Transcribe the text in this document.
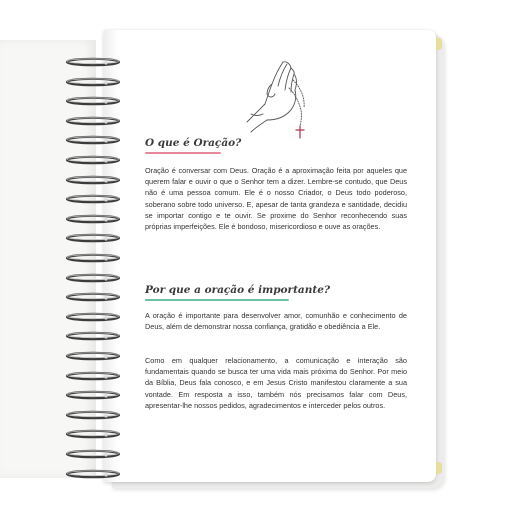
O que é Oração?

Oração é conversar com Deus. Oração é a aproximação feita por aqueles que querem falar e ouvir o que o Senhor tem a dizer. Lembre-se contudo, que Deus não é uma pessoa comum. Ele é o nosso Criador, o Deus todo poderoso, soberano sobre todo universo. E, apesar de tanta grandeza e santidade, decidiu se importar contigo e te ouvir. Se proxime do Senhor reconhecendo suas próprias imperfeições. Ele é bondoso, misericordioso e ouve as orações.

Por que a oração é importante?

A oração é importante para desenvolver amor, comunhão e conhecimento de Deus, além de demonstrar nossa confiança, gratidão e obediência a Ele.

Como em qualquer relacionamento, a comunicação e interação são fundamentais quando se busca ter uma vida mais próxima do Senhor. Por meio da Bíblia, Deus fala conosco, e em Jesus Cristo manifestou claramente a sua vontade. Em resposta a isso, também nós precisamos falar com Deus, apresentar-lhe nossos pedidos, agradecimentos e interceder pelos outros.
